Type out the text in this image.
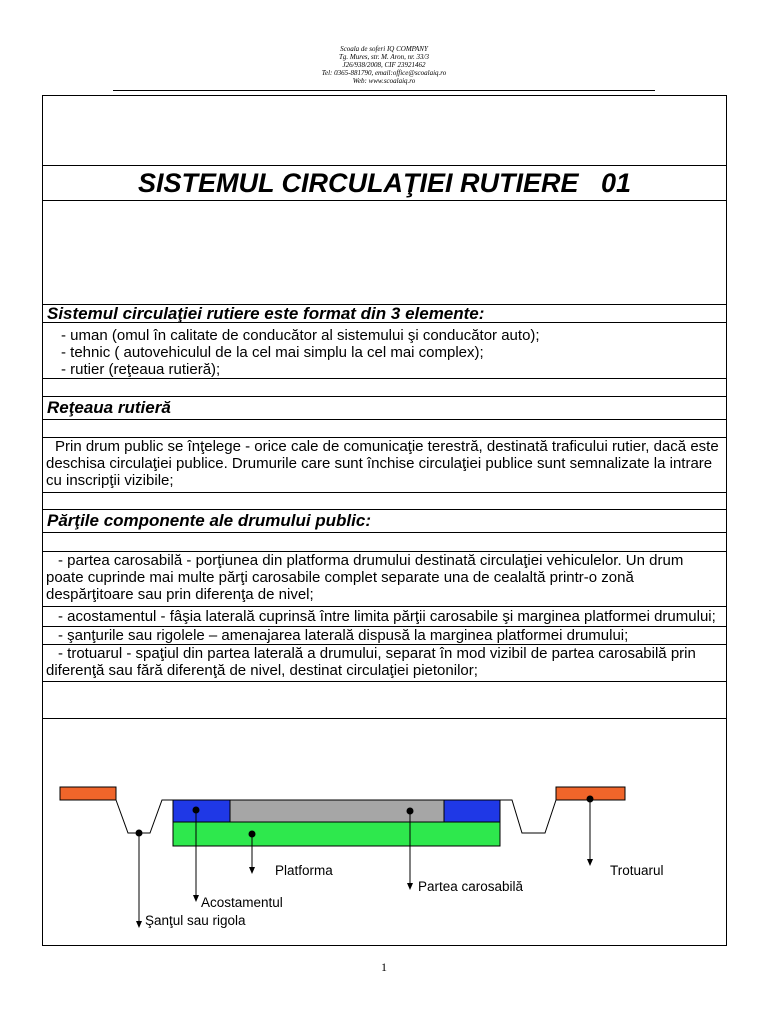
Scoala de soferi IQ COMPANY
Tg. Mures, str. M. Aron, nr. 33/3
J26/938/2008, CIF 23921462
Tel: 0365-881790, email:office@scoalaiq.ro
Web: www.scoalaiq.ro
SISTEMUL CIRCULAŢIEI RUTIERE   01
Sistemul circulaţiei rutiere este format din 3 elemente:
- uman (omul în calitate de conducător al sistemului şi conducător auto);
- tehnic ( autovehiculul de la cel mai simplu la cel mai complex);
- rutier (reţeaua rutieră);
Reţeaua rutieră
Prin drum public se înţelege - orice cale de comunicaţie terestră, destinată traficului rutier, dacă este deschisa circulaţiei publice. Drumurile care sunt închise circulaţiei publice sunt semnalizate la intrare cu inscripţii vizibile;
Părţile componente ale drumului public:
- partea carosabilă - porţiunea din platforma drumului destinată circulaţiei vehiculelor. Un drum poate cuprinde mai multe părţi carosabile complet separate una de cealaltă printr-o zonă despărţitoare sau prin diferenţa de nivel;
- acostamentul - fâşia laterală cuprinsă între limita părţii carosabile şi marginea platformei drumului;
- şanţurile sau rigolele – amenajarea laterală dispusă la marginea platformei drumului;
- trotuarul - spaţiul din partea laterală a drumului, separat în mod vizibil de partea carosabilă prin diferenţă sau fără diferenţă de nivel, destinat circulaţiei pietonilor;
Acostamentul
Platforma
Partea carosabilă
Trotuarul
Şanţul sau rigola
1
